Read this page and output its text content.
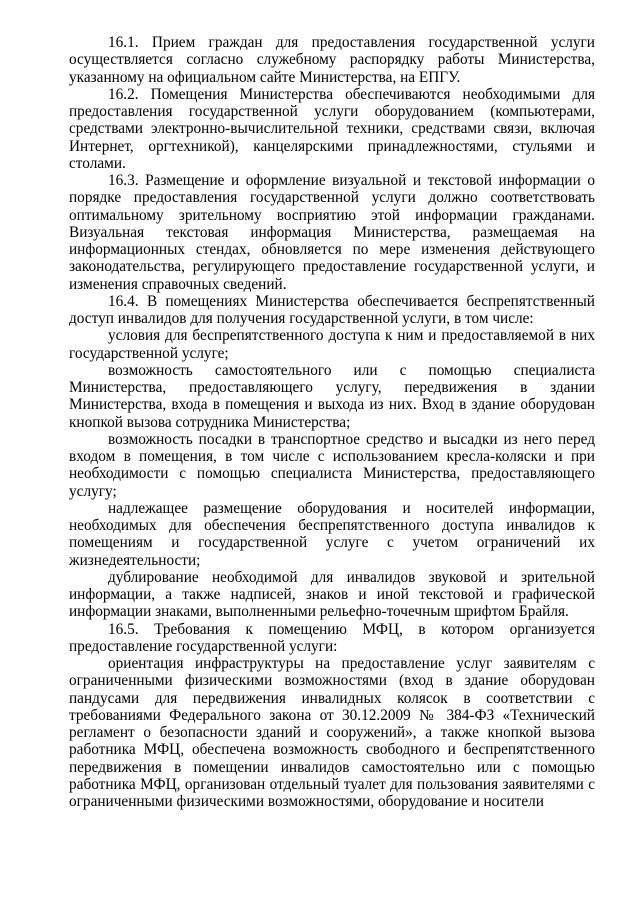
16.1. Прием граждан для предоставления государственной услуги осуществляется согласно служебному распорядку работы Министерства, указанному на официальном сайте Министерства, на ЕПГУ.

16.2. Помещения Министерства обеспечиваются необходимыми для предоставления государственной услуги оборудованием (компьютерами, средствами электронно-вычислительной техники, средствами связи, включая Интернет, оргтехникой), канцелярскими принадлежностями, стульями и столами.

16.3. Размещение и оформление визуальной и текстовой информации о порядке предоставления государственной услуги должно соответствовать оптимальному зрительному восприятию этой информации гражданами. Визуальная текстовая информация Министерства, размещаемая на информационных стендах, обновляется по мере изменения действующего законодательства, регулирующего предоставление государственной услуги, и изменения справочных сведений.

16.4. В помещениях Министерства обеспечивается беспрепятственный доступ инвалидов для получения государственной услуги, в том числе:

условия для беспрепятственного доступа к ним и предоставляемой в них государственной услуге;

возможность самостоятельного или с помощью специалиста Министерства, предоставляющего услугу, передвижения в здании Министерства, входа в помещения и выхода из них. Вход в здание оборудован кнопкой вызова сотрудника Министерства;

возможность посадки в транспортное средство и высадки из него перед входом в помещения, в том числе с использованием кресла-коляски и при необходимости с помощью специалиста Министерства, предоставляющего услугу;

надлежащее размещение оборудования и носителей информации, необходимых для обеспечения беспрепятственного доступа инвалидов к помещениям и государственной услуге с учетом ограничений их жизнедеятельности;

дублирование необходимой для инвалидов звуковой и зрительной информации, а также надписей, знаков и иной текстовой и графической информации знаками, выполненными рельефно-точечным шрифтом Брайля.

16.5. Требования к помещению МФЦ, в котором организуется предоставление государственной услуги:

ориентация инфраструктуры на предоставление услуг заявителям с ограниченными физическими возможностями (вход в здание оборудован пандусами для передвижения инвалидных колясок в соответствии с требованиями Федерального закона от 30.12.2009 № 384-ФЗ «Технический регламент о безопасности зданий и сооружений», а также кнопкой вызова работника МФЦ, обеспечена возможность свободного и беспрепятственного передвижения в помещении инвалидов самостоятельно или с помощью работника МФЦ, организован отдельный туалет для пользования заявителями с ограниченными физическими возможностями, оборудование и носители
